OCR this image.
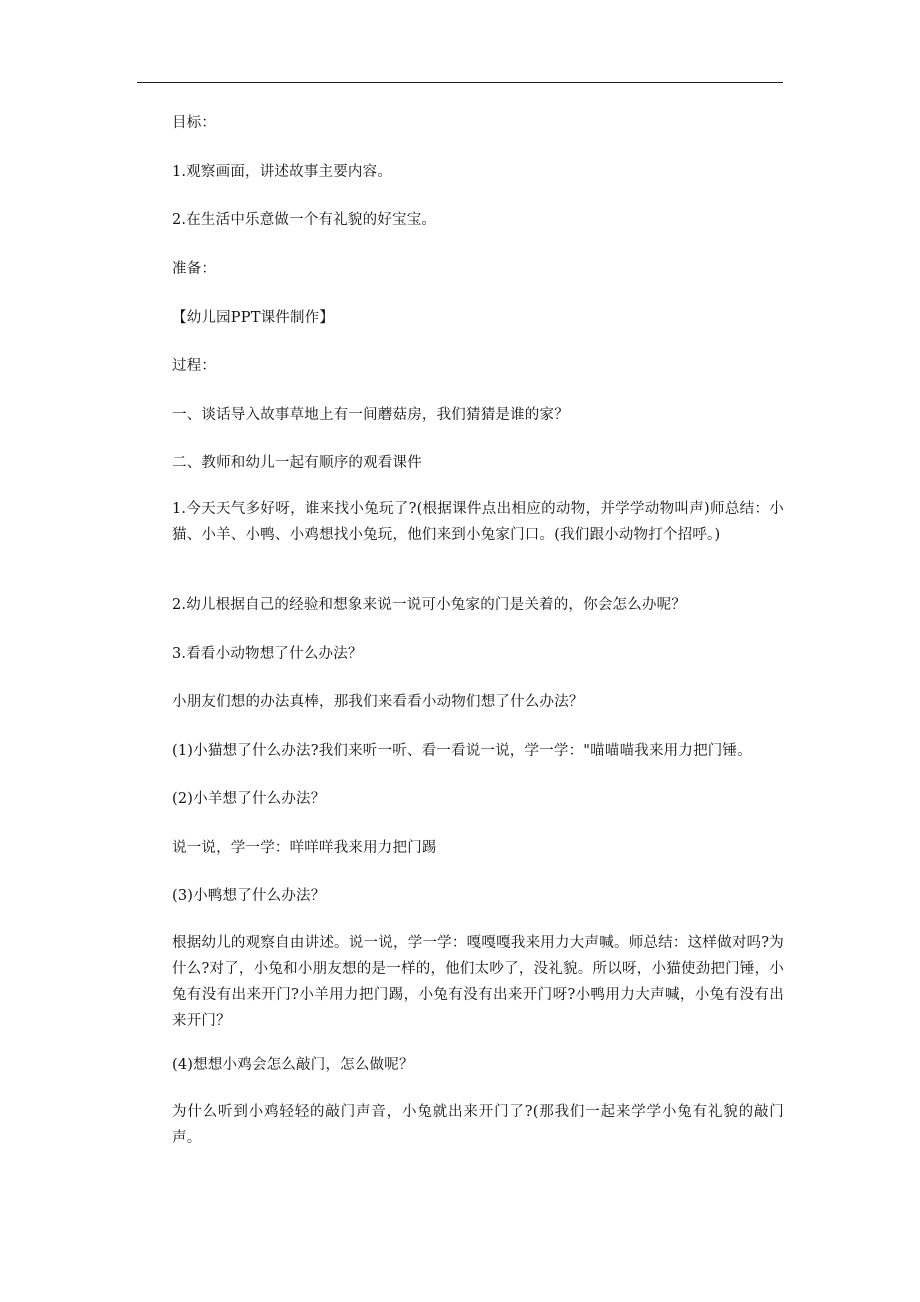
目标：
1.观察画面，讲述故事主要内容。
2.在生活中乐意做一个有礼貌的好宝宝。
准备：
【幼儿园PPT课件制作】
过程：
一、谈话导入故事草地上有一间蘑菇房，我们猜猜是谁的家？
二、教师和幼儿一起有顺序的观看课件
1.今天天气多好呀，谁来找小兔玩了?(根据课件点出相应的动物，并学学动物叫声)师总结：小猫、小羊、小鸭、小鸡想找小兔玩，他们来到小兔家门口。(我们跟小动物打个招呼。)
2.幼儿根据自己的经验和想象来说一说可小兔家的门是关着的，你会怎么办呢？
3.看看小动物想了什么办法？
小朋友们想的办法真棒，那我们来看看小动物们想了什么办法？
(1)小猫想了什么办法?我们来听一听、看一看说一说，学一学："喵喵喵我来用力把门锤。
(2)小羊想了什么办法？
说一说，学一学：咩咩咩我来用力把门踢
(3)小鸭想了什么办法？
根据幼儿的观察自由讲述。说一说，学一学：嘎嘎嘎我来用力大声喊。师总结：这样做对吗?为什么?对了，小兔和小朋友想的是一样的，他们太吵了，没礼貌。所以呀，小猫使劲把门锤，小兔有没有出来开门?小羊用力把门踢，小兔有没有出来开门呀?小鸭用力大声喊，小兔有没有出来开门？
(4)想想小鸡会怎么敲门，怎么做呢？
为什么听到小鸡轻轻的敲门声音，小兔就出来开门了?(那我们一起来学学小兔有礼貌的敲门声。
